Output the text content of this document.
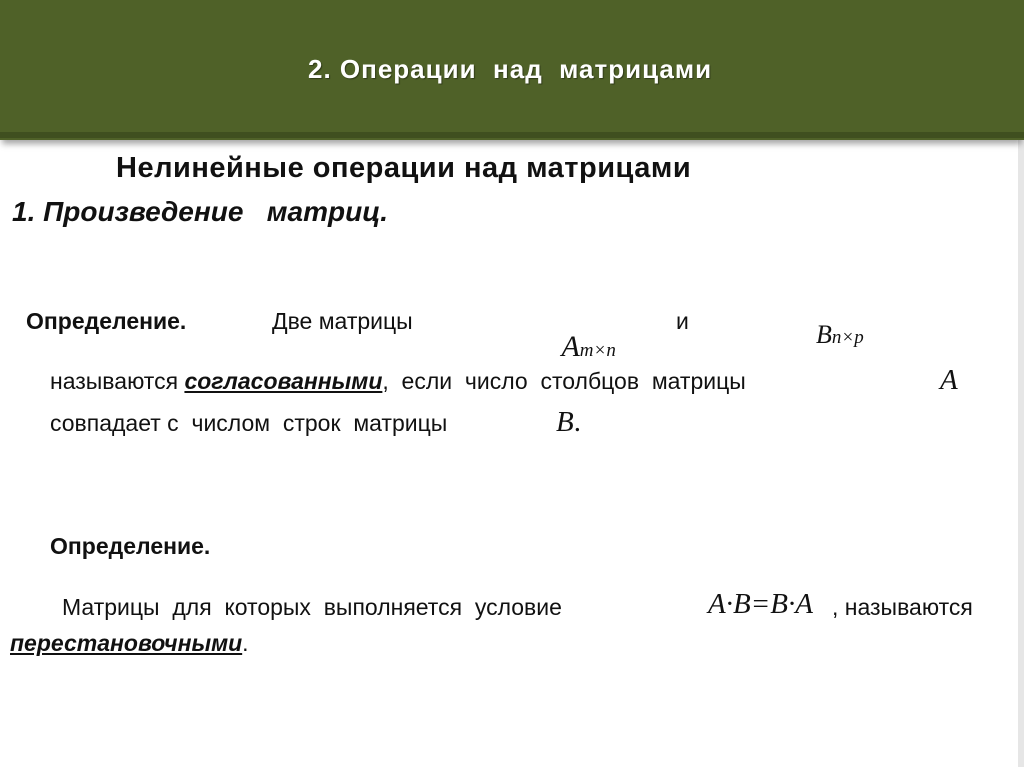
2. Операции  над  матрицами
Нелинейные операции над матрицами
1. Произведение   матриц.
Определение.	Две матрицы

Am×n

и	Bn×p

называются согласованными,  если  число  столбцов  матрицы	A
совпадает с  числом  строк  матрицы	B.
Определение.
Матрицы  для  которых  выполняется  условие	A·B=B·A , называются
перестановочными.
